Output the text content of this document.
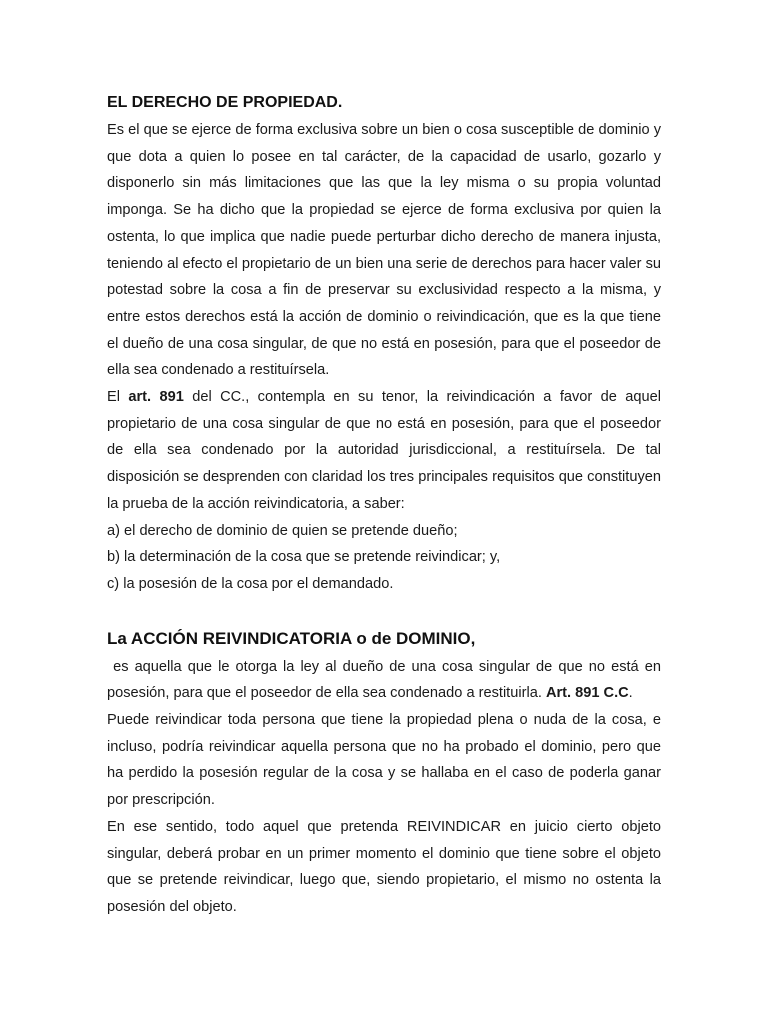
EL DERECHO DE PROPIEDAD.

Es el que se ejerce de forma exclusiva sobre un bien o cosa susceptible de dominio y que dota a quien lo posee en tal carácter, de la capacidad de usarlo, gozarlo y disponerlo sin más limitaciones que las que la ley misma o su propia voluntad imponga. Se ha dicho que la propiedad se ejerce de forma exclusiva por quien la ostenta, lo que implica que nadie puede perturbar dicho derecho de manera injusta, teniendo al efecto el propietario de un bien una serie de derechos para hacer valer su potestad sobre la cosa a fin de preservar su exclusividad respecto a la misma, y entre estos derechos está la acción de dominio o reivindicación, que es la que tiene el dueño de una cosa singular, de que no está en posesión, para que el poseedor de ella sea condenado a restituírsela.

El art. 891 del CC., contempla en su tenor, la reivindicación a favor de aquel propietario de una cosa singular de que no está en posesión, para que el poseedor de ella sea condenado por la autoridad jurisdiccional, a restituírsela. De tal disposición se desprenden con claridad los tres principales requisitos que constituyen la prueba de la acción reivindicatoria, a saber:

a) el derecho de dominio de quien se pretende dueño;

b) la determinación de la cosa que se pretende reivindicar; y,

c) la posesión de la cosa por el demandado.

La ACCIÓN REIVINDICATORIA o de DOMINIO,

es aquella que le otorga la ley al dueño de una cosa singular de que no está en posesión, para que el poseedor de ella sea condenado a restituirla. Art. 891 C.C.

Puede reivindicar toda persona que tiene la propiedad plena o nuda de la cosa, e incluso, podría reivindicar aquella persona que no ha probado el dominio, pero que ha perdido la posesión regular de la cosa y se hallaba en el caso de poderla ganar por prescripción.

En ese sentido, todo aquel que pretenda REIVINDICAR en juicio cierto objeto singular, deberá probar en un primer momento el dominio que tiene sobre el objeto que se pretende reivindicar, luego que, siendo propietario, el mismo no ostenta la posesión del objeto.
